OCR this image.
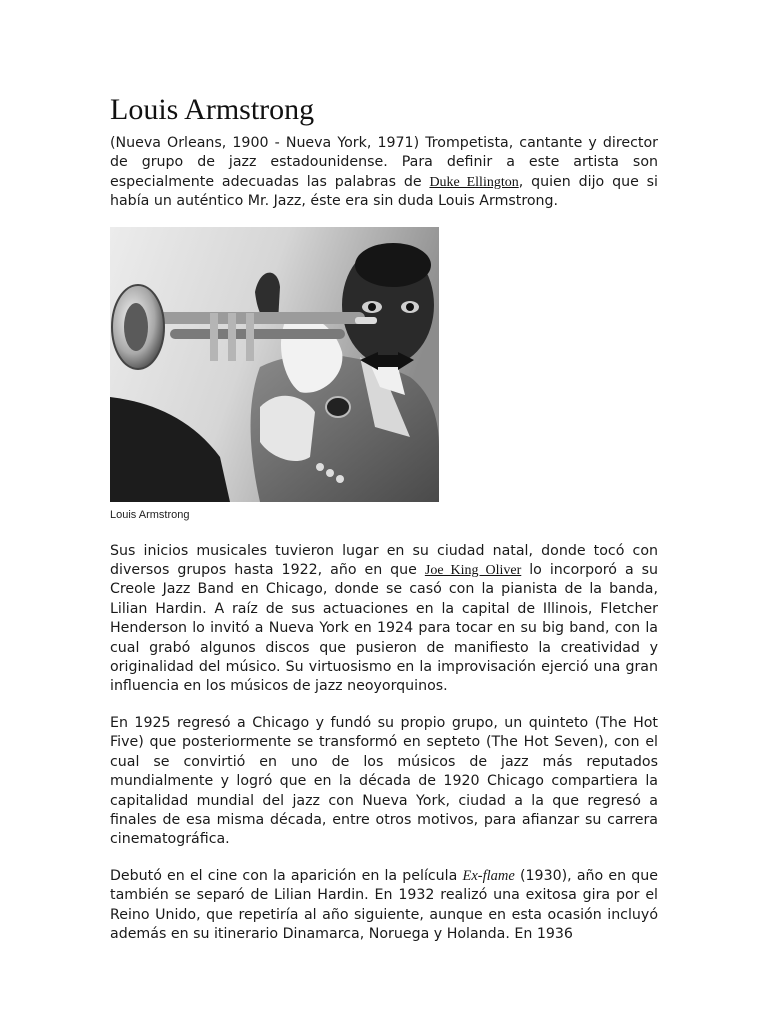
Louis Armstrong

(Nueva Orleans, 1900 - Nueva York, 1971) Trompetista, cantante y director de grupo de jazz estadounidense. Para definir a este artista son especialmente adecuadas las palabras de Duke Ellington, quien dijo que si había un auténtico Mr. Jazz, éste era sin duda Louis Armstrong.

Louis Armstrong

Sus inicios musicales tuvieron lugar en su ciudad natal, donde tocó con diversos grupos hasta 1922, año en que Joe King Oliver lo incorporó a su Creole Jazz Band en Chicago, donde se casó con la pianista de la banda, Lilian Hardin. A raíz de sus actuaciones en la capital de Illinois, Fletcher Henderson lo invitó a Nueva York en 1924 para tocar en su big band, con la cual grabó algunos discos que pusieron de manifiesto la creatividad y originalidad del músico. Su virtuosismo en la improvisación ejerció una gran influencia en los músicos de jazz neoyorquinos.

En 1925 regresó a Chicago y fundó su propio grupo, un quinteto (The Hot Five) que posteriormente se transformó en septeto (The Hot Seven), con el cual se convirtió en uno de los músicos de jazz más reputados mundialmente y logró que en la década de 1920 Chicago compartiera la capitalidad mundial del jazz con Nueva York, ciudad a la que regresó a finales de esa misma década, entre otros motivos, para afianzar su carrera cinematográfica.

Debutó en el cine con la aparición en la película Ex-flame (1930), año en que también se separó de Lilian Hardin. En 1932 realizó una exitosa gira por el Reino Unido, que repetiría al año siguiente, aunque en esta ocasión incluyó además en su itinerario Dinamarca, Noruega y Holanda. En 1936
